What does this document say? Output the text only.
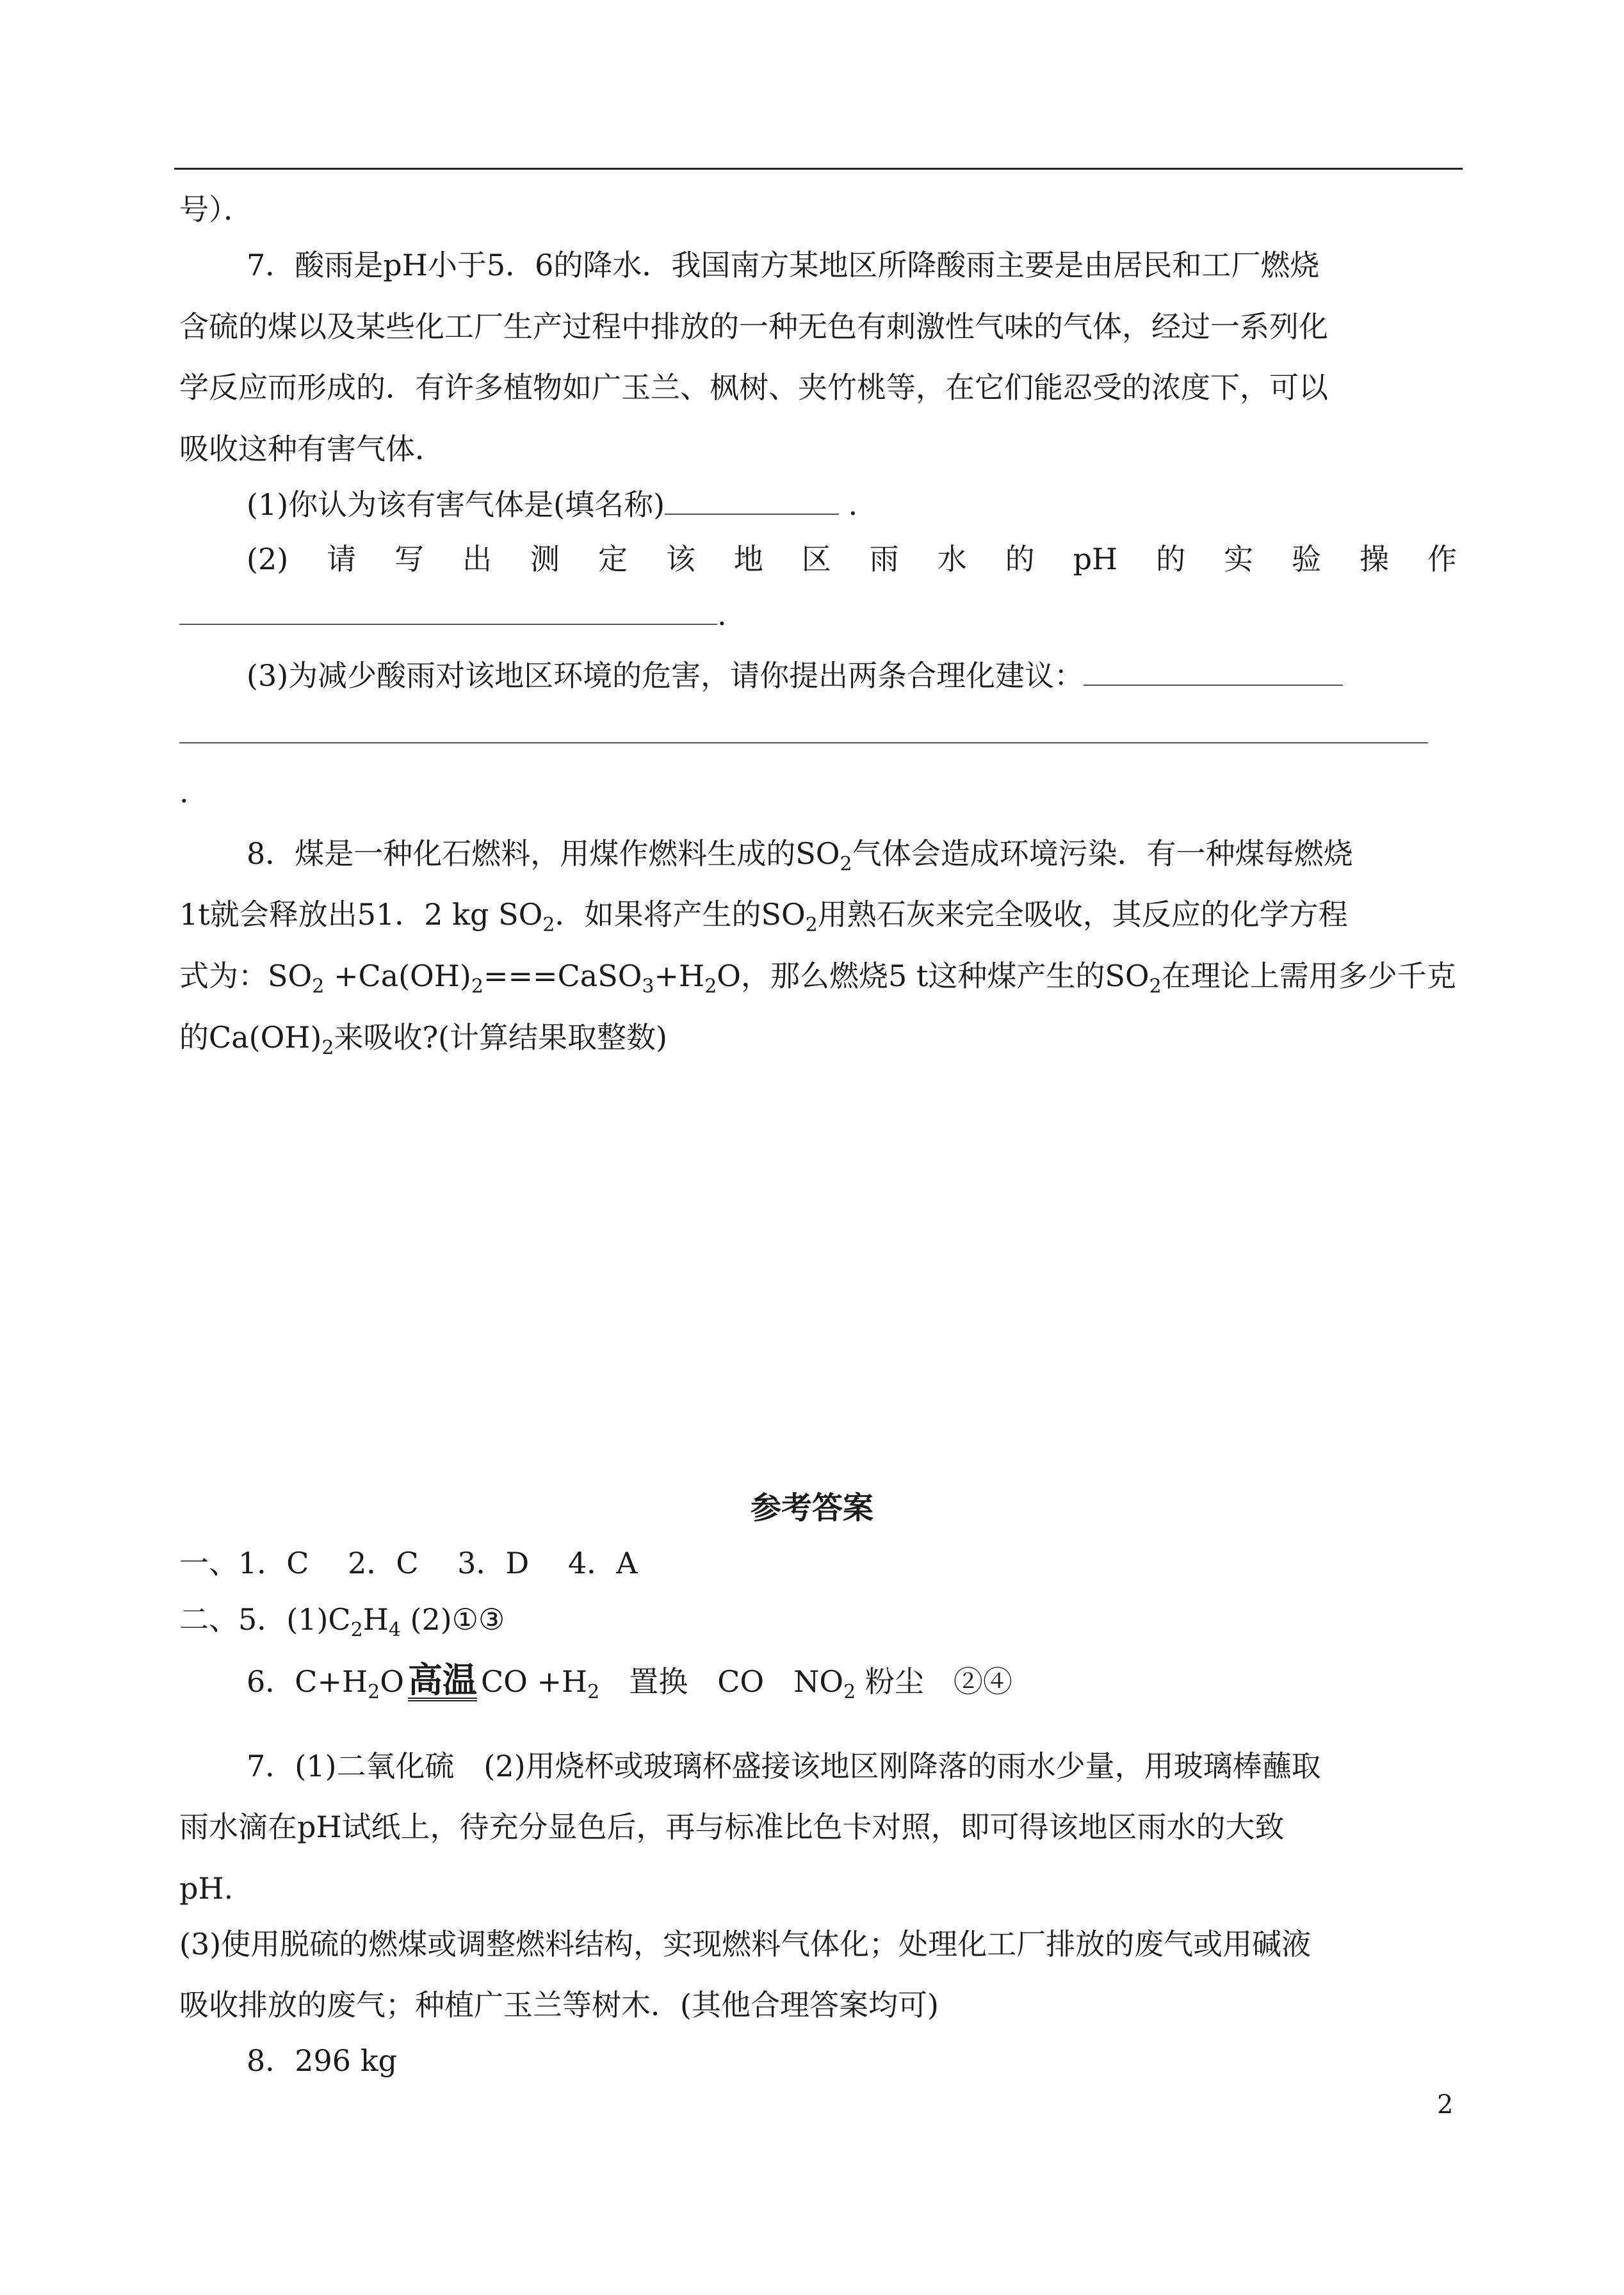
号）．
7．酸雨是pH小于5．6的降水．我国南方某地区所降酸雨主要是由居民和工厂燃烧
含硫的煤以及某些化工厂生产过程中排放的一种无色有刺激性气味的气体，经过一系列化
学反应而形成的．有许多植物如广玉兰、枫树、夹竹桃等，在它们能忍受的浓度下，可以
吸收这种有害气体．
(1)你认为该有害气体是(填名称)	．
(2) 请 写 出 测 定 该 地 区 雨 水 的 pH 的 实 验 操 作
.
(3)为减少酸雨对该地区环境的危害，请你提出两条合理化建议：
.
8．煤是一种化石燃料，用煤作燃料生成的$SO_2$气体会造成环境污染．有一种煤每燃烧
1t就会释放出51．2 kg $SO_2$．如果将产生的$SO_2$用熟石灰来完全吸收，其反应的化学方程
式为：$SO_2$ $+Ca(OH)_2===CaSO_3+H_2O$，那么燃烧5 t这种煤产生的$SO_2$在理论上需用多少千克
的$Ca(OH)_2$来吸收?(计算结果取整数)
参考答案
一、1．C　 2．C　 3．D　 4．A
二、5．$(1)C_2H_4$ (2)①③
6．$C+H_2O$ 高温 CO $+H_2$　置换　CO　$NO_2$ 粉尘　②④
7．(1)二氧化硫　(2)用烧杯或玻璃杯盛接该地区刚降落的雨水少量，用玻璃棒蘸取
雨水滴在pH试纸上，待充分显色后，再与标准比色卡对照，即可得该地区雨水的大致
pH.
(3)使用脱硫的燃煤或调整燃料结构，实现燃料气体化；处理化工厂排放的废气或用碱液
吸收排放的废气；种植广玉兰等树木．(其他合理答案均可)
8．296 kg
2
